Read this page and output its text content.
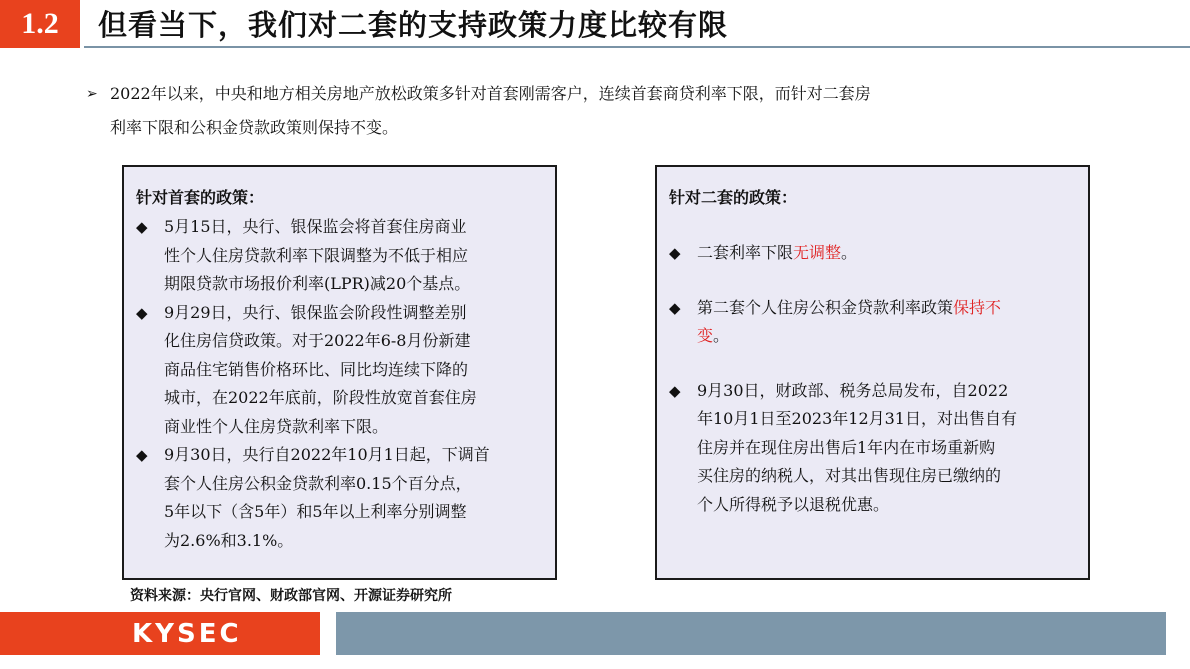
1.2	但看当下，我们对二套的支持政策力度比较有限
➢ 2022年以来，中央和地方相关房地产放松政策多针对首套刚需客户，连续首套商贷利率下限，而针对二套房
利率下限和公积金贷款政策则保持不变。
针对首套的政策：
◆ 5月15日，央行、银保监会将首套住房商业
性个人住房贷款利率下限调整为不低于相应
期限贷款市场报价利率(LPR)减20个基点。
◆ 9月29日，央行、银保监会阶段性调整差别
化住房信贷政策。对于2022年6-8月份新建
商品住宅销售价格环比、同比均连续下降的
城市，在2022年底前，阶段性放宽首套住房
商业性个人住房贷款利率下限。
◆ 9月30日，央行自2022年10月1日起，下调首
套个人住房公积金贷款利率0.15个百分点，
5年以下（含5年）和5年以上利率分别调整
为2.6%和3.1%。
针对二套的政策：
◆ 二套利率下限无调整。
◆ 第二套个人住房公积金贷款利率政策保持不
变。
◆ 9月30日，财政部、税务总局发布，自2022
年10月1日至2023年12月31日，对出售自有
住房并在现住房出售后1年内在市场重新购
买住房的纳税人，对其出售现住房已缴纳的
个人所得税予以退税优惠。
资料来源：央行官网、财政部官网、开源证券研究所
KYSEC
